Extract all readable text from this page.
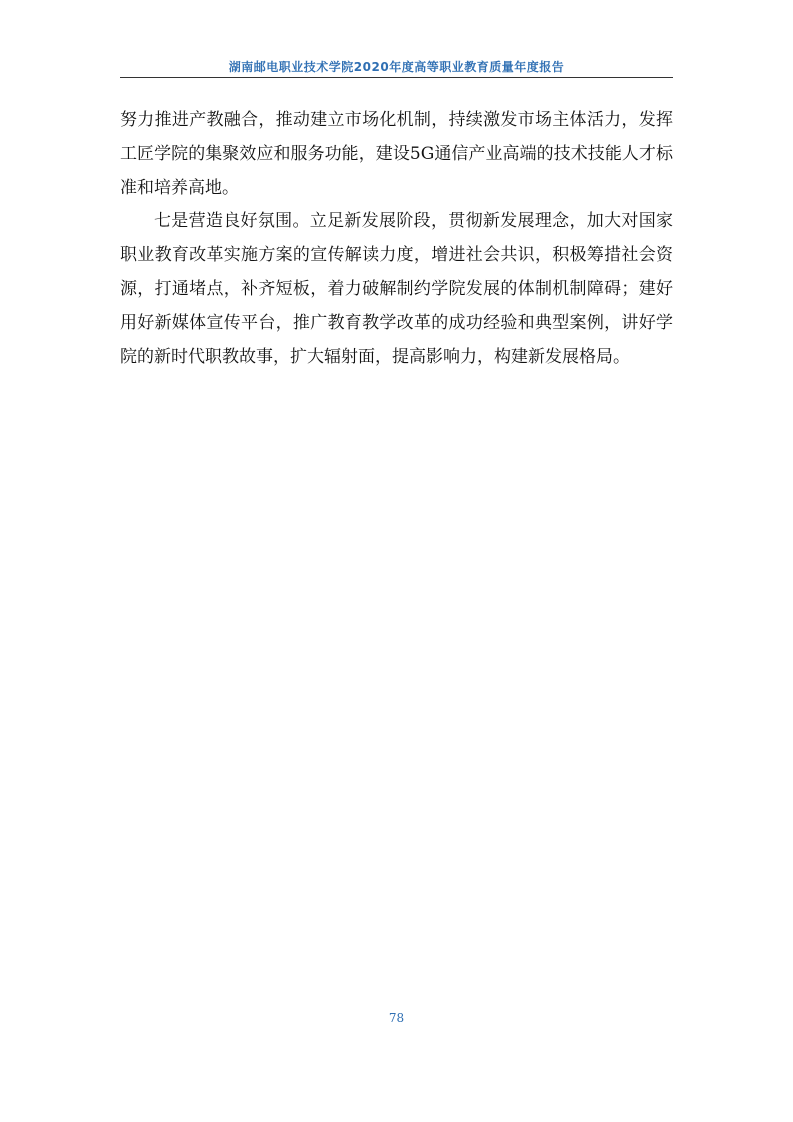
湖南邮电职业技术学院2020年度高等职业教育质量年度报告

努力推进产教融合，推动建立市场化机制，持续激发市场主体活力，发挥工匠学院的集聚效应和服务功能，建设5G通信产业高端的技术技能人才标准和培养高地。

七是营造良好氛围。立足新发展阶段，贯彻新发展理念，加大对国家职业教育改革实施方案的宣传解读力度，增进社会共识，积极筹措社会资源，打通堵点，补齐短板，着力破解制约学院发展的体制机制障碍；建好用好新媒体宣传平台，推广教育教学改革的成功经验和典型案例，讲好学院的新时代职教故事，扩大辐射面，提高影响力，构建新发展格局。

78
